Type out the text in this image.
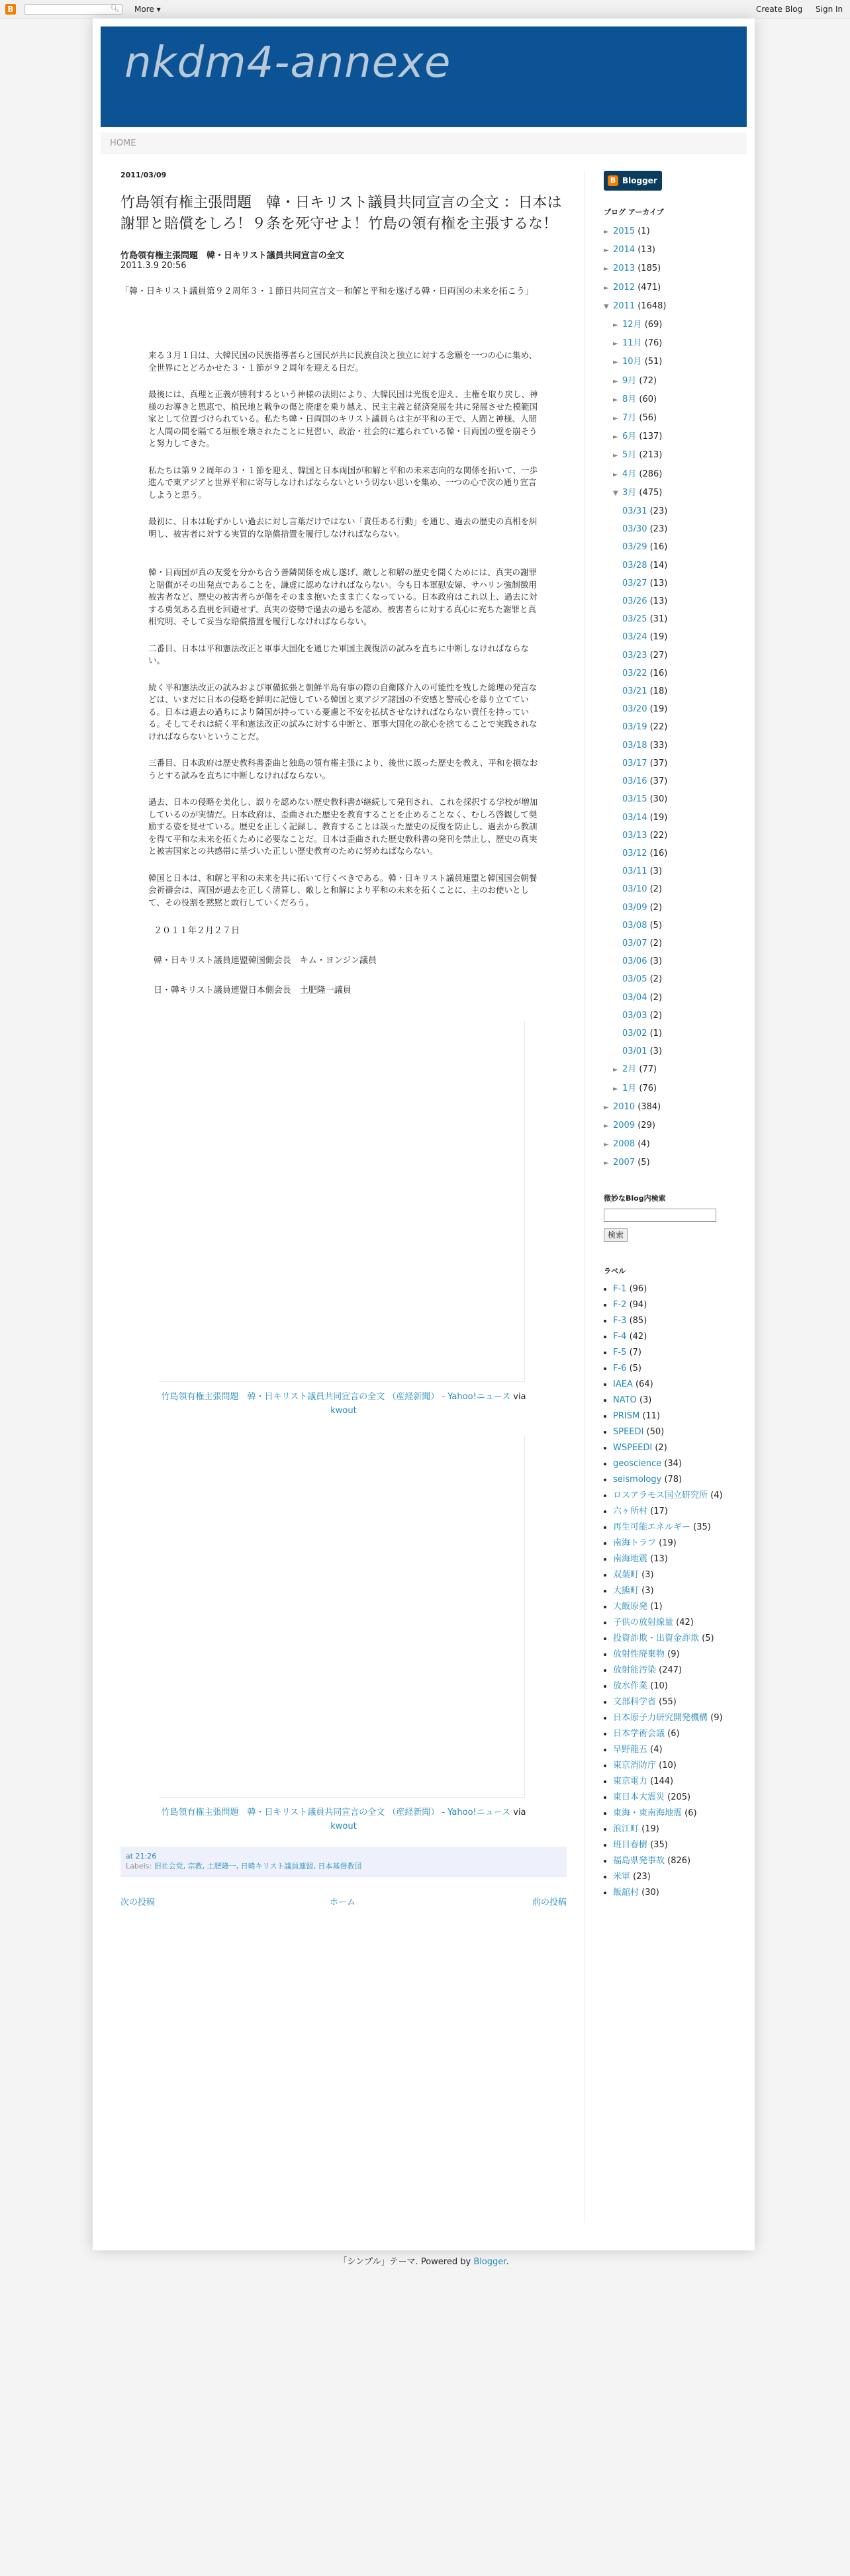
B	🔍︎ More ▾	Create Blog Sign In
nkdm4-annexe
HOME
2011/03/09
竹島領有権主張問題　韓・日キリスト議員共同宣言の全文 ：日本は謝罪と賠償をしろ！９条を死守せよ！竹島の領有権を主張するな！

竹島領有権主張問題　韓・日キリスト議員共同宣言の全文

2011.3.9 20:56

「韓・日キリスト議員第９２周年３・１節日共同宣言文－和解と平和を遂げる韓・日両国の未来を拓こう」

来る３月１日は、大韓民国の民族指導者らと国民が共に民族自決と独立に対する念願を一つの心に集め、全世界にとどろかせた３・１節が９２周年を迎える日だ。

最後には、真理と正義が勝利するという神様の法則により、大韓民国は光復を迎え、主権を取り戻し、神様のお導きと恩恵で、植民地と戦争の傷と廃虚を乗り越え、民主主義と経済発展を共に発展させた模範国家として位置づけられている。私たち韓・日両国のキリスト議員らは主が平和の王で、人間と神様、人間と人間の間を隔てる垣根を壊されたことに見習い、政治・社会的に遮られている韓・日両国の壁を崩そうと努力してきた。

私たちは第９２周年の３・１節を迎え、韓国と日本両国が和解と平和の未来志向的な関係を拓いて、一歩進んで東アジアと世界平和に寄与しなければならないという切ない思いを集め、一つの心で次の通り宣言しようと思う。

最初に、日本は恥ずかしい過去に対し言葉だけではない「責任ある行動」を通じ、過去の歴史の真相を糾明し、被害者に対する実質的な賠償措置を履行しなければならない。

韓・日両国が真の友愛を分かち合う善隣関係を成し遂げ、敵しと和解の歴史を開くためには、真実の謝罪と賠償がその出発点であることを、謙虚に認めなければならない。今も日本軍慰安婦、サハリン強制徴用被害者など、歴史の被害者らが傷をそのまま抱いたまま亡くなっている。日本政府はこれ以上、過去に対する勇気ある直視を回避せず、真実の姿勢で過去の過ちを認め、被害者らに対する真心に充ちた謝罪と真相究明、そして妥当な賠償措置を履行しなければならない。

二番目、日本は平和憲法改正と軍事大国化を通じた軍国主義復活の試みを直ちに中断しなければならない。

続く平和憲法改正の試みおよび軍備拡張と朝鮮半島有事の際の自衛隊介入の可能性を残した総理の発言などは、いまだに日本の侵略を鮮明に記憶している韓国と東アジア諸国の不安感と警戒心を募り立てている。日本は過去の過ちにより隣国が持っている憂慮と不安を払拭させなければならない責任を持っている。そしてそれは続く平和憲法改正の試みに対する中断と、軍事大国化の欲心を捨てることで実践されなければならないということだ。

三番目、日本政府は歴史教科書歪曲と独島の領有権主張により、後世に誤った歴史を教え、平和を損なおうとする試みを直ちに中断しなければならない。

過去、日本の侵略を美化し、誤りを認めない歴史教科書が継続して発刊され、これを採択する学校が増加しているのが実情だ。日本政府は、歪曲された歴史を教育することを止めることなく、むしろ啓観して奨励する姿を見せている。歴史を正しく記録し、教育することは誤った歴史の反復を防止し、過去から教訓を得て平和な未来を拓くために必要なことだ。日本は歪曲された歴史教科書の発刊を禁止し、歴史の真実と被害国家との共感帯に基づいた正しい歴史教育のために努めねばならない。

韓国と日本は、和解と平和の未来を共に拓いて行くべきである。韓・日キリスト議員連盟と韓国国会朝餐会祈禱会は、両国が過去を正しく清算し、敵しと和解により平和の未来を拓くことに、主のお使いとして、その役割を黙黙と敢行していくだろう。

２０１１年２月２７日

韓・日キリスト議員連盟韓国側会長　キム・ヨンジン議員

日・韓キリスト議員連盟日本側会長　土肥隆一議員

竹島領有権主張問題　韓・日キリスト議員共同宣言の全文 （産経新聞） - Yahoo!ニュース via
kwout
竹島領有権主張問題　韓・日キリスト議員共同宣言の全文 （産経新聞） - Yahoo!ニュース via
kwout
at 21:26
Labels: 旧社会党, 宗教, 土肥隆一, 日韓キリスト議員連盟, 日本基督教団
次の投稿	ホーム	前の投稿
B Blogger
ブログ アーカイブ
► 2015 (1)
► 2014 (13)
► 2013 (185)
► 2012 (471)
▼ 2011 (1648)
► 12月 (69)
► 11月 (76)
► 10月 (51)
► 9月 (72)
► 8月 (60)
► 7月 (56)
► 6月 (137)
► 5月 (213)
► 4月 (286)
▼ 3月 (475)
03/31 (23)
03/30 (23)
03/29 (16)
03/28 (14)
03/27 (13)
03/26 (13)
03/25 (31)
03/24 (19)
03/23 (27)
03/22 (16)
03/21 (18)
03/20 (19)
03/19 (22)
03/18 (33)
03/17 (37)
03/16 (37)
03/15 (30)
03/14 (19)
03/13 (22)
03/12 (16)
03/11 (3)
03/10 (2)
03/09 (2)
03/08 (5)
03/07 (2)
03/06 (3)
03/05 (2)
03/04 (2)
03/03 (2)
03/02 (1)
03/01 (3)
► 2月 (77)
► 1月 (76)
► 2010 (384)
► 2009 (29)
► 2008 (4)
► 2007 (5)
微妙なBlog内検索
検索
ラベル
• F-1 (96)
• F-2 (94)
• F-3 (85)
• F-4 (42)
• F-5 (7)
• F-6 (5)
• IAEA (64)
• NATO (3)
• PRISM (11)
• SPEEDI (50)
• WSPEEDI (2)
• geoscience (34)
• seismology (78)
• ロスアラモス国立研究所 (4)
• 六ヶ所村 (17)
• 再生可能エネルギー (35)
• 南海トラフ (19)
• 南海地震 (13)
• 双葉町 (3)
• 大熊町 (3)
• 大飯原発 (1)
• 子供の放射線量 (42)
• 投資詐欺・出資金詐欺 (5)
• 放射性廃棄物 (9)
• 放射能汚染 (247)
• 放水作業 (10)
• 文部科学省 (55)
• 日本原子力研究開発機構 (9)
• 日本学術会議 (6)
• 早野龍五 (4)
• 東京消防庁 (10)
• 東京電力 (144)
• 東日本大震災 (205)
• 東海・東南海地震 (6)
• 浪江町 (19)
• 班目春樹 (35)
• 福島県発事故 (826)
• 米軍 (23)
• 飯舘村 (30)
「シンプル」テーマ. Powered by Blogger.
